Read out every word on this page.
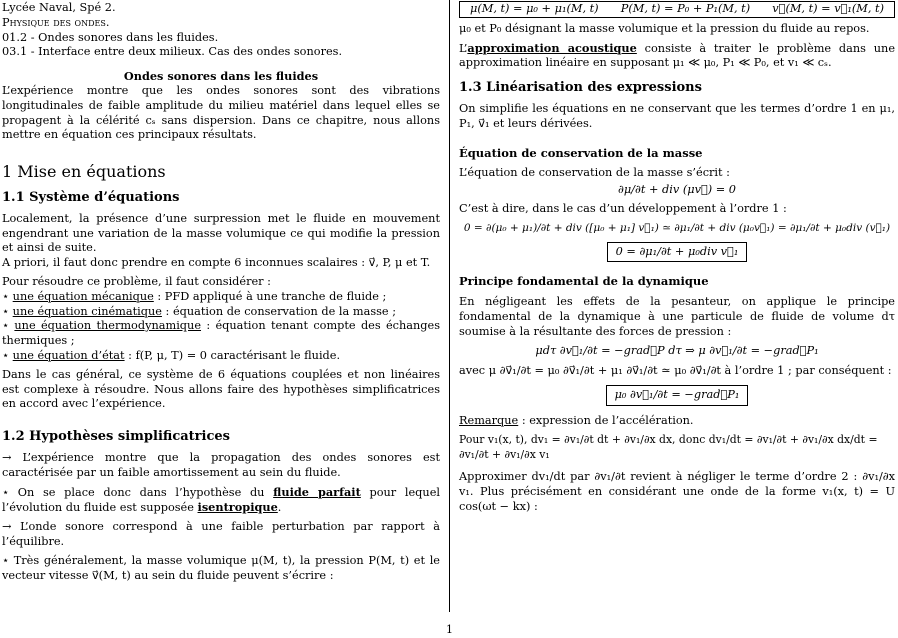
Lycée Naval, Spé 2.

Physique des ondes.

01.2 - Ondes sonores dans les fluides.

03.1 - Interface entre deux milieux. Cas des ondes sonores.

Ondes sonores dans les fluides

L’expérience montre que les ondes sonores sont des vibrations longitudinales de faible amplitude du milieu matériel dans lequel elles se propagent à la célérité cₛ sans dispersion. Dans ce chapitre, nous allons mettre en équation ces principaux résultats.

1 Mise en équations

1.1 Système d’équations

Localement, la présence d’une surpression met le fluide en mouvement engendrant une variation de la masse volumique ce qui modifie la pression et ainsi de suite.

A priori, il faut donc prendre en compte 6 inconnues scalaires : v⃗, P, μ et T.

Pour résoudre ce problème, il faut considérer :

⋆ une équation mécanique : PFD appliqué à une tranche de fluide ;

⋆ une équation cinématique : équation de conservation de la masse ;

⋆ une équation thermodynamique : équation tenant compte des échanges thermiques ;

⋆ une équation d’état : f(P, μ, T) = 0 caractérisant le fluide.

Dans le cas général, ce système de 6 équations couplées et non linéaires est complexe à résoudre. Nous allons faire des hypothèses simplificatrices en accord avec l’expérience.

1.2 Hypothèses simplificatrices

→ L’expérience montre que la propagation des ondes sonores est caractérisée par un faible amortissement au sein du fluide.

⋆ On se place donc dans l’hypothèse du fluide parfait pour lequel l’évolution du fluide est supposée isentropique.

→ L’onde sonore correspond à une faible perturbation par rapport à l’équilibre.

⋆ Très généralement, la masse volumique μ(M, t), la pression P(M, t) et le vecteur vitesse v⃗(M, t) au sein du fluide peuvent s’écrire :

μ(M, t) = μ₀ + μ₁(M, t) P(M, t) = P₀ + P₁(M, t) v⃗(M, t) = v⃗₁(M, t)

μ₀ et P₀ désignant la masse volumique et la pression du fluide au repos.

L’approximation acoustique consiste à traiter le problème dans une approximation linéaire en supposant μ₁ ≪ μ₀, P₁ ≪ P₀, et v₁ ≪ cₛ.

1.3 Linéarisation des expressions

On simplifie les équations en ne conservant que les termes d’ordre 1 en μ₁, P₁, v⃗₁ et leurs dérivées.

Équation de conservation de la masse

L’équation de conservation de la masse s’écrit :

∂μ/∂t + div (μv⃗) = 0

C’est à dire, dans le cas d’un développement à l’ordre 1 :

0 = ∂(μ₀ + μ₁)/∂t + div ([μ₀ + μ₁] v⃗₁) ≃ ∂μ₁/∂t + div (μ₀v⃗₁) = ∂μ₁/∂t + μ₀div (v⃗₁)

0 = ∂μ₁/∂t + μ₀div v⃗₁

Principe fondamental de la dynamique

En négligeant les effets de la pesanteur, on applique le principe fondamental de la dynamique à une particule de fluide de volume dτ soumise à la résultante des forces de pression :

μdτ ∂v⃗₁/∂t = −grad⃗P dτ ⇒ μ ∂v⃗₁/∂t = −grad⃗P₁

avec μ ∂v⃗₁/∂t = μ₀ ∂v⃗₁/∂t + μ₁ ∂v⃗₁/∂t ≃ μ₀ ∂v⃗₁/∂t à l’ordre 1 ; par conséquent :

μ₀ ∂v⃗₁/∂t = −grad⃗P₁

Remarque : expression de l’accélération.

Pour v₁(x, t), dv₁ = ∂v₁/∂t dt + ∂v₁/∂x dx, donc dv₁/dt = ∂v₁/∂t + ∂v₁/∂x dx/dt = ∂v₁/∂t + ∂v₁/∂x v₁

Approximer dv₁/dt par ∂v₁/∂t revient à négliger le terme d’ordre 2 : ∂v₁/∂x v₁. Plus précisément en considérant une onde de la forme v₁(x, t) = U cos(ωt − kx) :

1
